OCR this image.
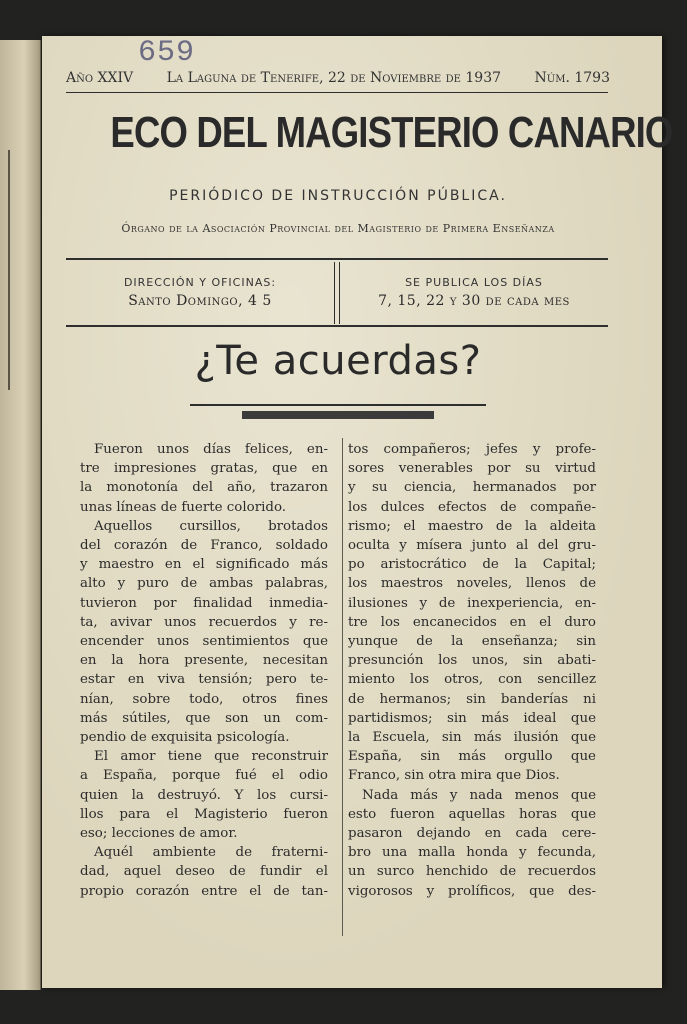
659
Año XXIV La Laguna de Tenerife, 22 de Noviembre de 1937 Núm. 1793
ECO DEL MAGISTERIO CANARIO
PERIÓDICO DE INSTRUCCIÓN PÚBLICA.
Órgano de la Asociación Provincial del Magisterio de Primera Enseñanza
DIRECCIÓN Y OFICINAS:
Santo Domingo, 4 5
SE PUBLICA LOS DÍAS
7, 15, 22 y 30 de cada mes
¿Te acuerdas?
Fueron unos días felices, en-
tre impresiones gratas, que en
la monotonía del año, trazaron
unas líneas de fuerte colorido.
Aquellos cursillos, brotados
del corazón de Franco, soldado
y maestro en el significado más
alto y puro de ambas palabras,
tuvieron por finalidad inmedia-
ta, avivar unos recuerdos y re-
encender unos sentimientos que
en la hora presente, necesitan
estar en viva tensión; pero te-
nían, sobre todo, otros fines
más sútiles, que son un com-
pendio de exquisita psicología.
El amor tiene que reconstruir
a España, porque fué el odio
quien la destruyó. Y los cursi-
llos para el Magisterio fueron
eso; lecciones de amor.
Aquél ambiente de fraterni-
dad, aquel deseo de fundir el
propio corazón entre el de tan-
tos compañeros; jefes y profe-
sores venerables por su virtud
y su ciencia, hermanados por
los dulces efectos de compañe-
rismo; el maestro de la aldeita
oculta y mísera junto al del gru-
po aristocrático de la Capital;
los maestros noveles, llenos de
ilusiones y de inexperiencia, en-
tre los encanecidos en el duro
yunque de la enseñanza; sin
presunción los unos, sin abati-
miento los otros, con sencillez
de hermanos; sin banderías ni
partidismos; sin más ideal que
la Escuela, sin más ilusión que
España, sin más orgullo que
Franco, sin otra mira que Dios.
Nada más y nada menos que
esto fueron aquellas horas que
pasaron dejando en cada cere-
bro una malla honda y fecunda,
un surco henchido de recuerdos
vigorosos y prolíficos, que des-
